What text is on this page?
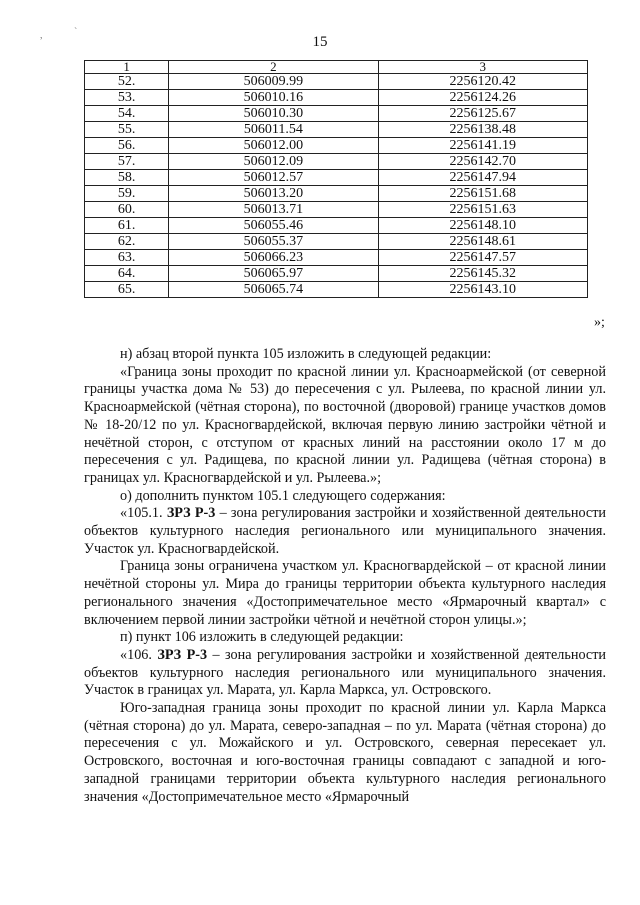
,	`
15
1	2	3
52.	506009.99	2256120.42
53.	506010.16	2256124.26
54.	506010.30	2256125.67
55.	506011.54	2256138.48
56.	506012.00	2256141.19
57.	506012.09	2256142.70
58.	506012.57	2256147.94
59.	506013.20	2256151.68
60.	506013.71	2256151.63
61.	506055.46	2256148.10
62.	506055.37	2256148.61
63.	506066.23	2256147.57
64.	506065.97	2256145.32
65.	506065.74	2256143.10
»;

н) абзац второй пункта 105 изложить в следующей редакции:

«Граница зоны проходит по красной линии ул. Красноармейской (от северной границы участка дома № 53) до пересечения с ул. Рылеева, по красной линии ул. Красноармейской (чётная сторона), по восточной (дворовой) границе участков домов № 18-20/12 по ул. Красногвардейской, включая первую линию застройки чётной и нечётной сторон, с отступом от красных линий на расстоянии около 17 м до пересечения с ул. Радищева, по красной линии ул. Радищева (чётная сторона) в границах ул. Красногвардейской и ул. Рылеева.»;

о) дополнить пунктом 105.1 следующего содержания:

«105.1. ЗРЗ Р-3 – зона регулирования застройки и хозяйственной деятельности объектов культурного наследия регионального или муниципального значения. Участок ул. Красногвардейской.

Граница зоны ограничена участком ул. Красногвардейской – от красной линии нечётной стороны ул. Мира до границы территории объекта культурного наследия регионального значения «Достопримечательное место «Ярмарочный квартал» с включением первой линии застройки чётной и нечётной сторон улицы.»;

п) пункт 106 изложить в следующей редакции:

«106. ЗРЗ Р-3 – зона регулирования застройки и хозяйственной деятельности объектов культурного наследия регионального или муниципального значения. Участок в границах ул. Марата, ул. Карла Маркса, ул. Островского.

Юго-западная граница зоны проходит по красной линии ул. Карла Маркса (чётная сторона) до ул. Марата, северо-западная – по ул. Марата (чётная сторона) до пересечения с ул. Можайского и ул. Островского, северная пересекает ул. Островского, восточная и юго-восточная границы совпадают с западной и юго-западной границами территории объекта культурного наследия регионального значения «Достопримечательное место «Ярмарочный
